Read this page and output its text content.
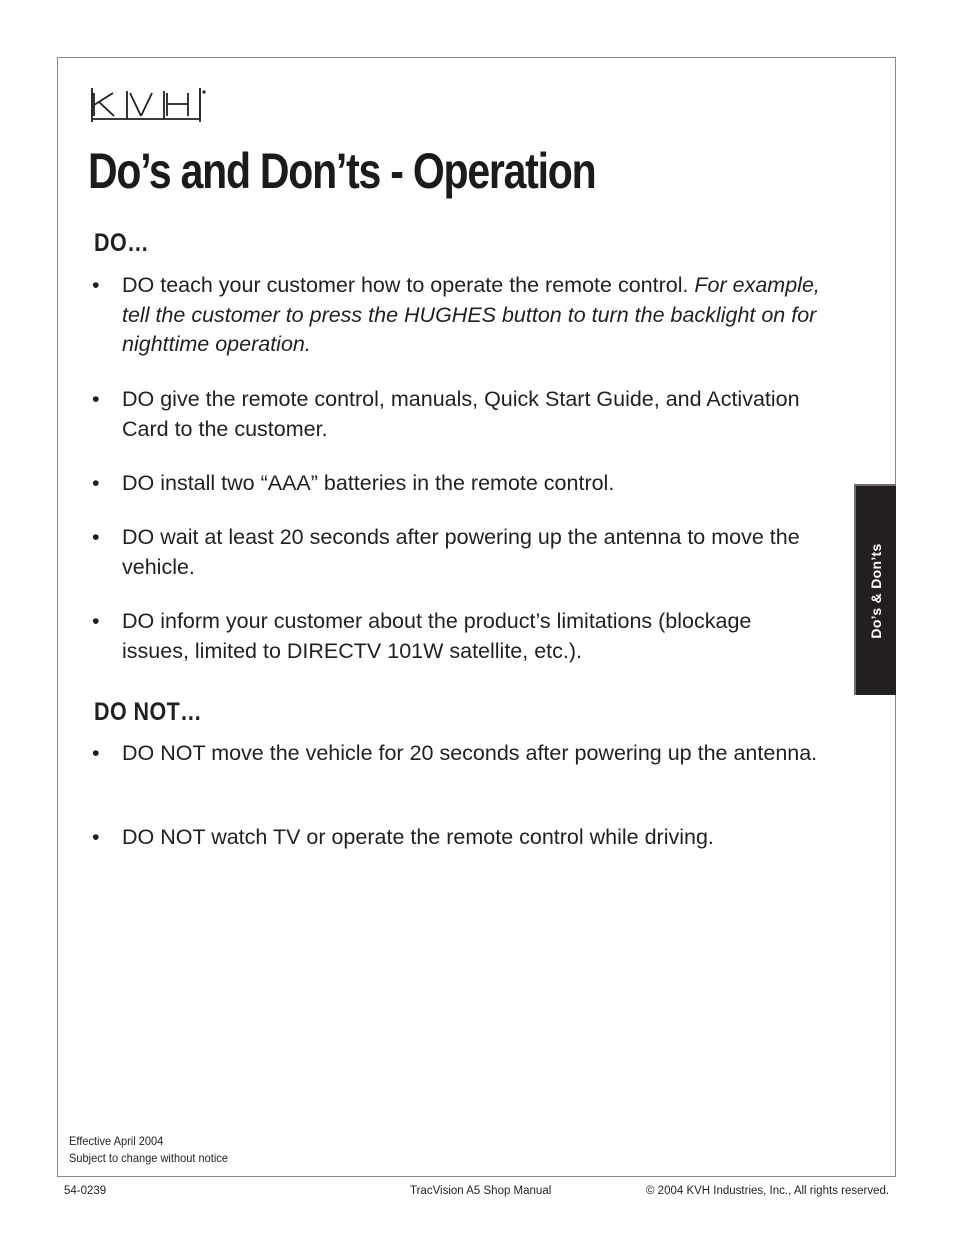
Do’s and Don’ts - Operation
DO…
•	DO teach your customer how to operate the remote control. For example, tell the customer to press the HUGHES button to turn the backlight on for nighttime operation.
•	DO give the remote control, manuals, Quick Start Guide, and Activation Card to the customer.
•	DO install two “AAA” batteries in the remote control.
•	DO wait at least 20 seconds after powering up the antenna to move the vehicle.
•	DO inform your customer about the product’s limitations (blockage issues, limited to DIRECTV 101W satellite, etc.).
DO NOT…
•	DO NOT move the vehicle for 20 seconds after powering up the antenna.
•	DO NOT watch TV or operate the remote control while driving.
Do’s & Don’ts
Effective April 2004
Subject to change without notice
54-0239	TracVision A5 Shop Manual	© 2004 KVH Industries, Inc., All rights reserved.
